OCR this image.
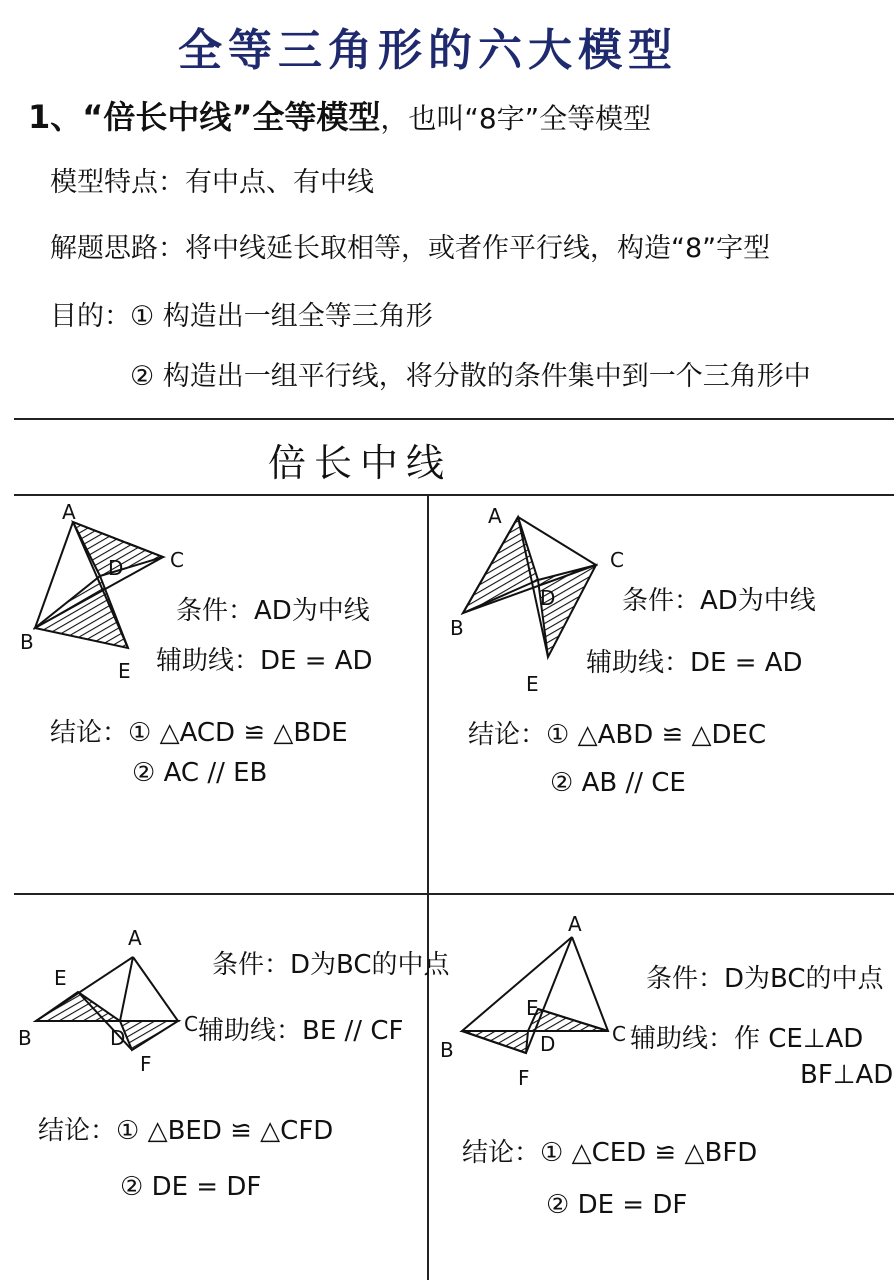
全等三角形的六大模型
1、“倍长中线”全等模型，也叫“8字”全等模型
模型特点：有中点、有中线
解题思路：将中线延长取相等，或者作平行线，构造“8”字型
目的： ① 构造出一组全等三角形
② 构造出一组平行线，将分散的条件集中到一个三角形中
倍长中线
A
B
C
D
E
条件：AD为中线
辅助线：DE = AD
结论：① △ACD ≌ △BDE
② AC // EB
A
B
C
D
E
条件：AD为中线
辅助线：DE = AD
结论：① △ABD ≌ △DEC
② AB // CE
A
B
C
D
E
F
条件：D为BC的中点
辅助线：BE // CF
结论：① △BED ≌ △CFD
② DE = DF
A
B
C
D
E
F
条件：D为BC的中点
辅助线：作 CE⊥AD
BF⊥AD
结论：① △CED ≌ △BFD
② DE = DF
